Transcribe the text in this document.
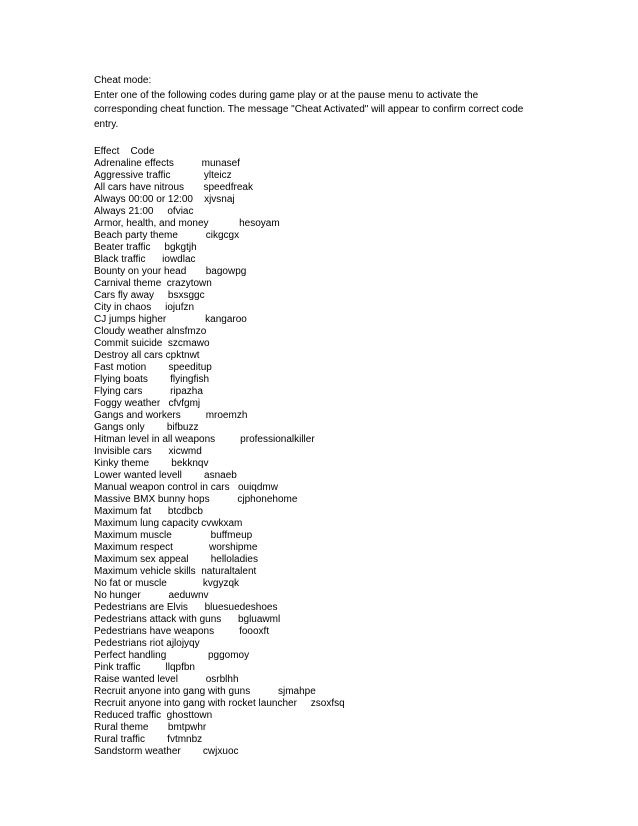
Cheat mode:
Enter one of the following codes during game play or at the pause menu to activate the
corresponding cheat function. The message "Cheat Activated" will appear to confirm correct code
entry.
Effect    Code
Adrenaline effects          munasef
Aggressive traffic            ylteicz
All cars have nitrous       speedfreak
Always 00:00 or 12:00    xjvsnaj
Always 21:00     ofviac
Armor, health, and money           hesoyam
Beach party theme          cikgcgx
Beater traffic     bgkgtjh
Black traffic      iowdlac
Bounty on your head       bagowpg
Carnival theme  crazytown
Cars fly away     bsxsggc
City in chaos     iojufzn
CJ jumps higher              kangaroo
Cloudy weather alnsfmzo
Commit suicide  szcmawo
Destroy all cars cpktnwt
Fast motion        speeditup
Flying boats        flyingfish
Flying cars          ripazha
Foggy weather   cfvfgmj
Gangs and workers         mroemzh
Gangs only        bifbuzz
Hitman level in all weapons         professionalkiller
Invisible cars      xicwmd
Kinky theme        bekknqv
Lower wanted levell        asnaeb
Manual weapon control in cars   ouiqdmw
Massive BMX bunny hops          cjphonehome
Maximum fat      btcdbcb
Maximum lung capacity cvwkxam
Maximum muscle              buffmeup
Maximum respect             worshipme
Maximum sex appeal        helloladies
Maximum vehicle skills  naturaltalent
No fat or muscle             kvgyzqk
No hunger          aeduwnv
Pedestrians are Elvis      bluesuedeshoes
Pedestrians attack with guns      bgluawml
Pedestrians have weapons         foooxft
Pedestrians riot ajlojyqy
Perfect handling               pggomoy
Pink traffic         llqpfbn
Raise wanted level          osrblhh
Recruit anyone into gang with guns          sjmahpe
Recruit anyone into gang with rocket launcher     zsoxfsq
Reduced traffic  ghosttown
Rural theme       bmtpwhr
Rural traffic        fvtmnbz
Sandstorm weather        cwjxuoc
